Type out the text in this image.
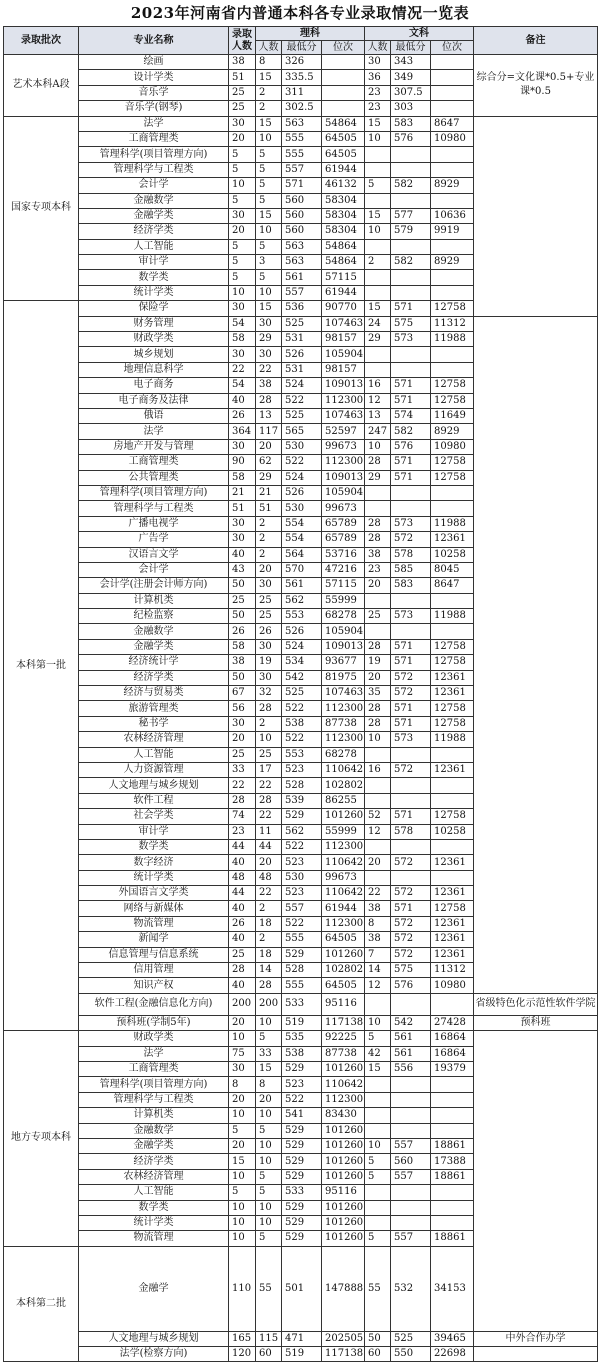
2023年河南省内普通本科各专业录取情况一览表
录取批次	专业名称	录取人数	理科			文科			备注	
			人数	最低分	位次	人数	最低分	位次		
艺术本科A段	绘画	38	8	326		30	343		综合分=文化课*0.5+专业课*0.5	
	设计学类	51	15	335.5		36	349			
	音乐学	25	2	311		23	307.5			
	音乐学(钢琴)	25	2	302.5		23	303			
国家专项本科	法学	30	15	563	54864	15	583	8647		
	工商管理类	20	10	555	64505	10	576	10980		
	管理科学(项目管理方向)	5	5	555	64505					
	管理科学与工程类	5	5	557	61944					
	会计学	10	5	571	46132	5	582	8929		
	金融数学	5	5	560	58304					
	金融学类	30	15	560	58304	15	577	10636		
	经济学类	20	10	560	58304	10	579	9919		
	人工智能	5	5	563	54864					
	审计学	5	3	563	54864	2	582	8929		
	数学类	5	5	561	57115					
	统计学类	10	10	557	61944					
本科第一批	保险学	30	15	536	90770	15	571	12758		
	财务管理	54	30	525	107463	24	575	11312		
	财政学类	58	29	531	98157	29	573	11988		
	城乡规划	30	30	526	105904					
	地理信息科学	22	22	531	98157					
	电子商务	54	38	524	109013	16	571	12758		
	电子商务及法律	40	28	522	112300	12	571	12758		
	俄语	26	13	525	107463	13	574	11649		
	法学	364	117	565	52597	247	582	8929		
	房地产开发与管理	30	20	530	99673	10	576	10980		
	工商管理类	90	62	522	112300	28	571	12758		
	公共管理类	58	29	524	109013	29	571	12758		
	管理科学(项目管理方向)	21	21	526	105904					
	管理科学与工程类	51	51	530	99673					
	广播电视学	30	2	554	65789	28	573	11988		
	广告学	30	2	554	65789	28	572	12361		
	汉语言文学	40	2	564	53716	38	578	10258		
	会计学	43	20	570	47216	23	585	8045		
	会计学(注册会计师方向)	50	30	561	57115	20	583	8647		
	计算机类	25	25	562	55999					
	纪检监察	50	25	553	68278	25	573	11988		
	金融数学	26	26	526	105904					
	金融学类	58	30	524	109013	28	571	12758		
	经济统计学	38	19	534	93677	19	571	12758		
	经济学类	50	30	542	81975	20	572	12361		
	经济与贸易类	67	32	525	107463	35	572	12361		
	旅游管理类	56	28	522	112300	28	571	12758		
	秘书学	30	2	538	87738	28	571	12758		
	农林经济管理	20	10	522	112300	10	573	11988		
	人工智能	25	25	553	68278					
	人力资源管理	33	17	523	110642	16	572	12361		
	人文地理与城乡规划	22	22	528	102802					
	软件工程	28	28	539	86255					
	社会学类	74	22	529	101260	52	571	12758		
	审计学	23	11	562	55999	12	578	10258		
	数学类	44	44	522	112300					
	数字经济	40	20	523	110642	20	572	12361		
	统计学类	48	48	530	99673					
	外国语言文学类	44	22	523	110642	22	572	12361		
	网络与新媒体	40	2	557	61944	38	571	12758		
	物流管理	26	18	522	112300	8	572	12361		
	新闻学	40	2	555	64505	38	572	12361		
	信息管理与信息系统	25	18	529	101260	7	572	12361		
	信用管理	28	14	528	102802	14	575	11312		
	知识产权	40	28	555	64505	12	576	10980		
	软件工程(金融信息化方向)	200	200	533	95116				省级特色化示范性软件学院	
	预科班(学制5年)	20	10	519	117138	10	542	27428	预科班	
地方专项本科	财政学类	10	5	535	92225	5	561	16864		
	法学	75	33	538	87738	42	561	16864		
	工商管理类	30	15	529	101260	15	556	19379		
	管理科学(项目管理方向)	8	8	523	110642					
	管理科学与工程类	20	20	522	112300					
	计算机类	10	10	541	83430					
	金融数学	5	5	529	101260					
	金融学类	20	10	529	101260	10	557	18861		
	经济学类	15	10	529	101260	5	560	17388		
	农林经济管理	10	5	529	101260	5	557	18861		
	人工智能	5	5	533	95116					
	数学类	10	10	529	101260					
	统计学类	10	10	529	101260					
	物流管理	10	5	529	101260	5	557	18861		
本科第二批	金融学	110	55	501	147888	55	532	34153	
	人文地理与城乡规划	165	115	471	202505	50	525	39465	中外合作办学	
	法学(检察方向)	120	60	519	117138	60	550	22698		
